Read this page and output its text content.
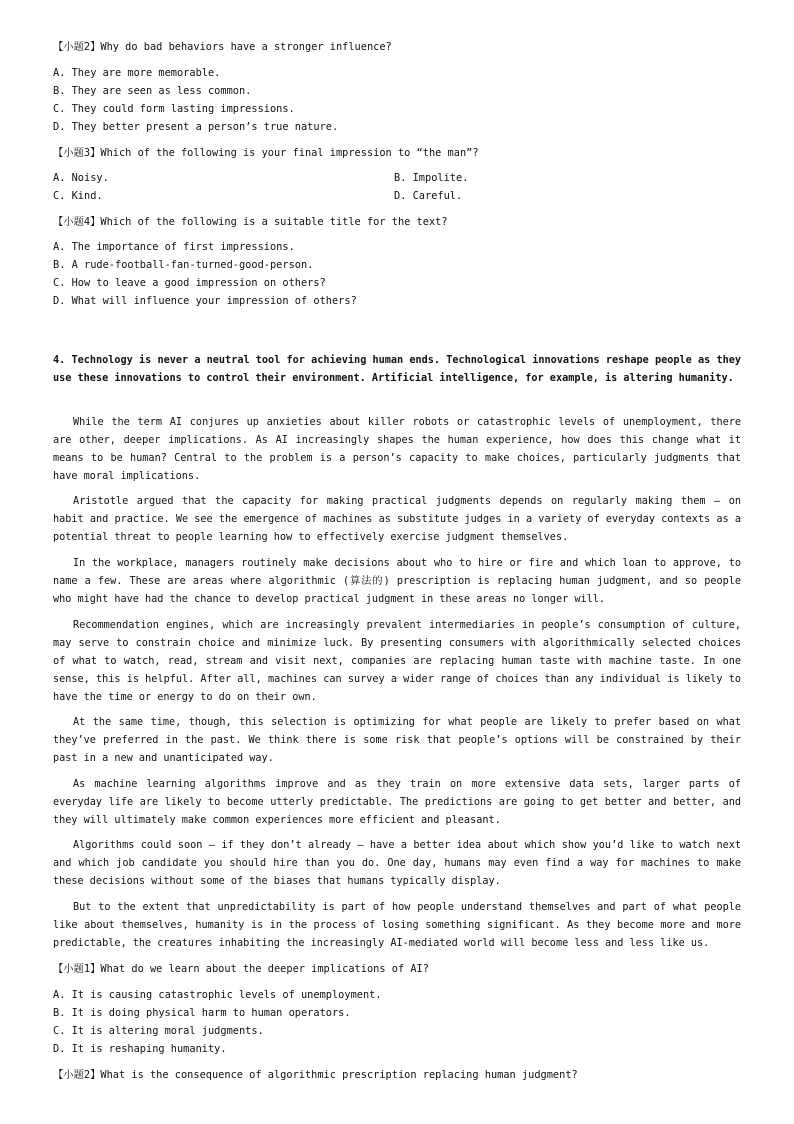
【小题2】Why do bad behaviors have a stronger influence?
A. They are more memorable.
B. They are seen as less common.
C. They could form lasting impressions.
D. They better present a person’s true nature.
【小题3】Which of the following is your final impression to “the man”?
A. Noisy.	B. Impolite.
C. Kind.	D. Careful.
【小题4】Which of the following is a suitable title for the text?
A. The importance of first impressions.
B. A rude-football-fan-turned-good-person.
C. How to leave a good impression on others?
D. What will influence your impression of others?
4. Technology is never a neutral tool for achieving human ends. Technological innovations reshape people as they use these innovations to control their environment. Artificial intelligence, for example, is altering humanity.
While the term AI conjures up anxieties about killer robots or catastrophic levels of unemployment, there are other, deeper implications. As AI increasingly shapes the human experience, how does this change what it means to be human? Central to the problem is a person’s capacity to make choices, particularly judgments that have moral implications.
Aristotle argued that the capacity for making practical judgments depends on regularly making them — on habit and practice. We see the emergence of machines as substitute judges in a variety of everyday contexts as a potential threat to people learning how to effectively exercise judgment themselves.
In the workplace, managers routinely make decisions about who to hire or fire and which loan to approve, to name a few. These are areas where algorithmic (算法的) prescription is replacing human judgment, and so people who might have had the chance to develop practical judgment in these areas no longer will.
Recommendation engines, which are increasingly prevalent intermediaries in people’s consumption of culture, may serve to constrain choice and minimize luck. By presenting consumers with algorithmically selected choices of what to watch, read, stream and visit next, companies are replacing human taste with machine taste. In one sense, this is helpful. After all, machines can survey a wider range of choices than any individual is likely to have the time or energy to do on their own.
At the same time, though, this selection is optimizing for what people are likely to prefer based on what they’ve preferred in the past. We think there is some risk that people’s options will be constrained by their past in a new and unanticipated way.
As machine learning algorithms improve and as they train on more extensive data sets, larger parts of everyday life are likely to become utterly predictable. The predictions are going to get better and better, and they will ultimately make common experiences more efficient and pleasant.
Algorithms could soon — if they don’t already — have a better idea about which show you’d like to watch next and which job candidate you should hire than you do. One day, humans may even find a way for machines to make these decisions without some of the biases that humans typically display.
But to the extent that unpredictability is part of how people understand themselves and part of what people like about themselves, humanity is in the process of losing something significant. As they become more and more predictable, the creatures inhabiting the increasingly AI-mediated world will become less and less like us.
【小题1】What do we learn about the deeper implications of AI?
A. It is causing catastrophic levels of unemployment.
B. It is doing physical harm to human operators.
C. It is altering moral judgments.
D. It is reshaping humanity.
【小题2】What is the consequence of algorithmic prescription replacing human judgment?
